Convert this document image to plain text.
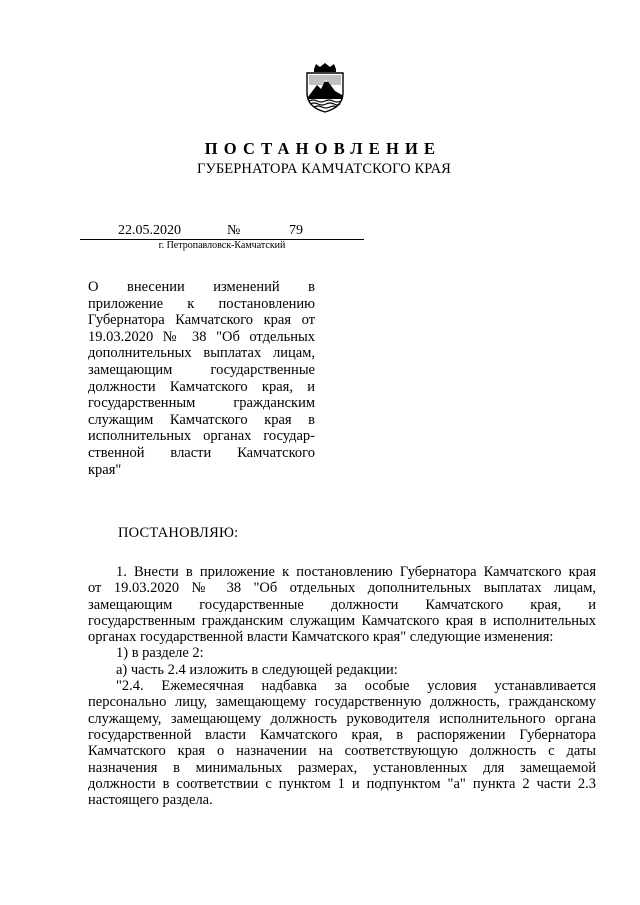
ПОСТАНОВЛЕНИЕ
ГУБЕРНАТОРА КАМЧАТСКОГО КРАЯ
22.05.2020	№	79
г. Петропавловск-Камчатский
О внесении изменений в
приложение к постановлению
Губернатора Камчатского края от
19.03.2020 № 38 "Об отдельных
дополнительных выплатах лицам,
замещающим государственные
должности Камчатского края, и
государственным гражданским
служащим Камчатского края в
исполнительных органах государ-
ственной власти Камчатского
края"
ПОСТАНОВЛЯЮ:
1. Внести в приложение к постановлению Губернатора Камчатского края
от 19.03.2020 № 38 "Об отдельных дополнительных выплатах лицам,
замещающим государственные должности Камчатского края, и
государственным гражданским служащим Камчатского края в исполнительных
органах государственной власти Камчатского края" следующие изменения:
1) в разделе 2:
а) часть 2.4 изложить в следующей редакции:
"2.4. Ежемесячная надбавка за особые условия устанавливается
персонально лицу, замещающему государственную должность, гражданскому
служащему, замещающему должность руководителя исполнительного органа
государственной власти Камчатского края, в распоряжении Губернатора
Камчатского края о назначении на соответствующую должность с даты
назначения в минимальных размерах, установленных для замещаемой
должности в соответствии с пунктом 1 и подпунктом "а" пункта 2 части 2.3
настоящего раздела.
